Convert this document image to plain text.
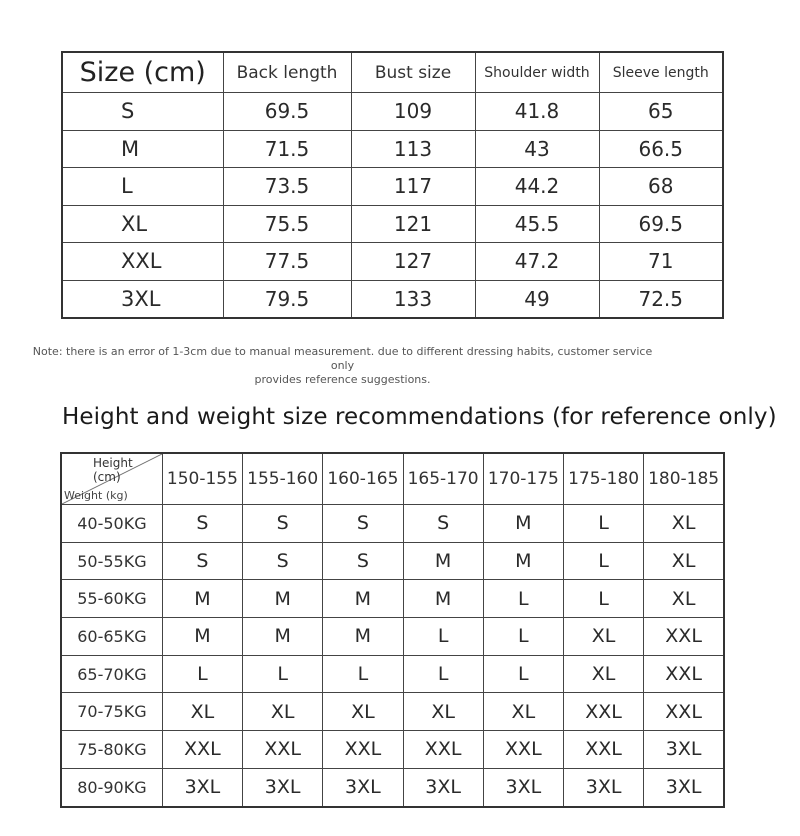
Size (cm)	Back length	Bust size	Shoulder width	Sleeve length
S	69.5	109	41.8	65
M	71.5	113	43	66.5
L	73.5	117	44.2	68
XL	75.5	121	45.5	69.5
XXL	77.5	127	47.2	71
3XL	79.5	133	49	72.5
Note: there is an error of 1-3cm due to manual measurement. due to different dressing habits, customer service only
provides reference suggestions.
Height and weight size recommendations (for reference only)
Height
(cm)
Weight (kg)	150-155	155-160	160-165	165-170	170-175	175-180	180-185
40-50KG	S	S	S	S	M	L	XL
50-55KG	S	S	S	M	M	L	XL
55-60KG	M	M	M	M	L	L	XL
60-65KG	M	M	M	L	L	XL	XXL
65-70KG	L	L	L	L	L	XL	XXL
70-75KG	XL	XL	XL	XL	XL	XXL	XXL
75-80KG	XXL	XXL	XXL	XXL	XXL	XXL	3XL
80-90KG	3XL	3XL	3XL	3XL	3XL	3XL	3XL
